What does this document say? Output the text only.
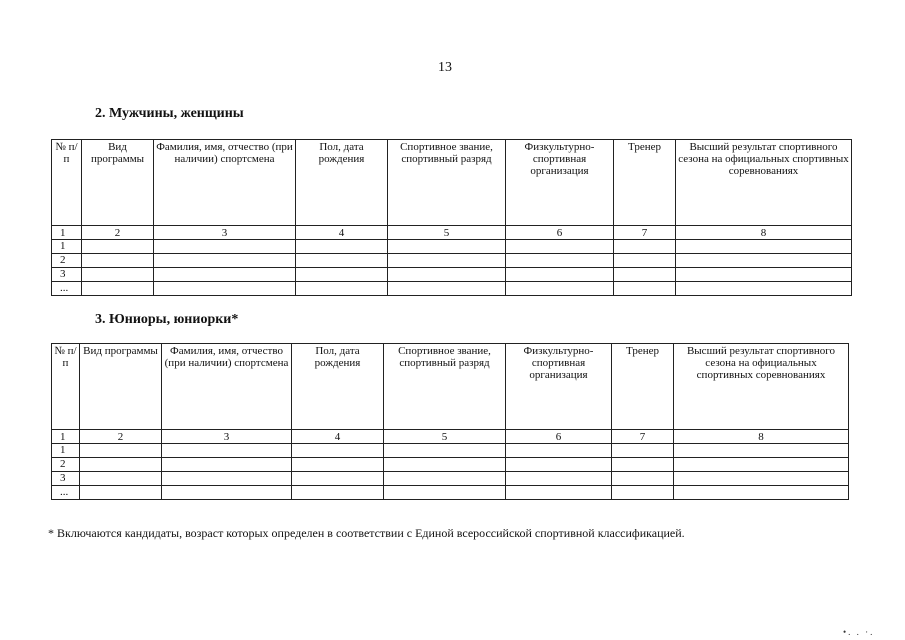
13
2. Мужчины, женщины
№ п/п	Вид программы	Фамилия, имя, отчество (при наличии) спортсмена	Пол, дата рождения	Спортивное звание, спортивный разряд	Физкультурно-спортивная организация	Тренер	Высший результат спортивного сезона на официальных спортивных соревнованиях
1	2	3	4	5	6	7	8
1							
2							
3							
...							
3. Юниоры, юниорки*
№ п/п	Вид программы	Фамилия, имя, отчество (при наличии) спортсмена	Пол, дата рождения	Спортивное звание, спортивный разряд	Физкультурно-спортивная организация	Тренер	Высший результат спортивного сезона на официальных спортивных соревнованиях
1	2	3	4	5	6	7	8
1							
2							
3							
...							
* Включаются кандидаты, возраст которых определен в соответствии с Единой всероссийской спортивной классификацией.
•. . ·.
